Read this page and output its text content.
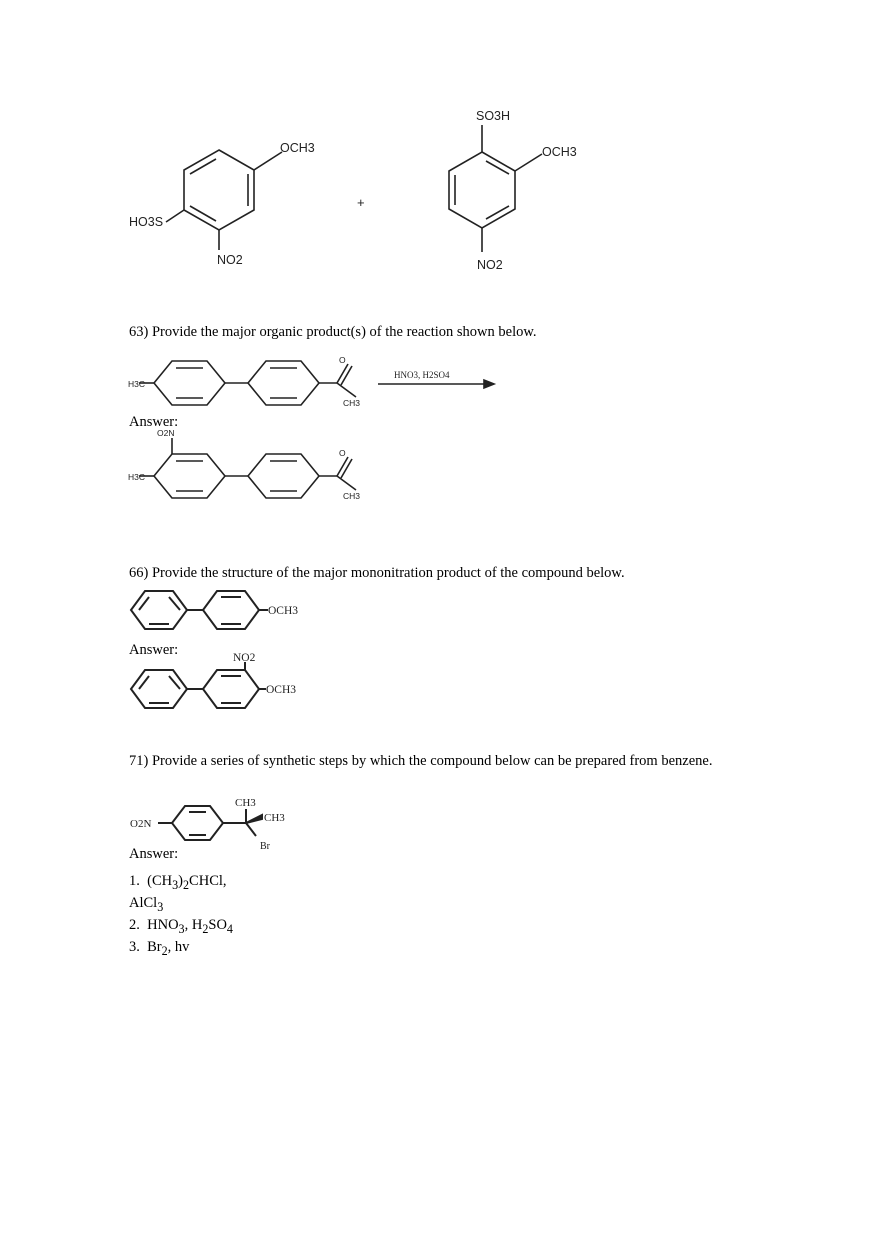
OCH3
HO3S
NO2
+
SO3H
OCH3
NO2
H3C
O
CH3
HNO3, H2SO4
O2N
H3C
O
CH3
OCH3
NO2
OCH3
O2N
CH3
CH3
Br
63) Provide the major organic product(s) of the reaction shown below.
Answer:
66) Provide the structure of the major mononitration product of the compound below.
Answer:
71) Provide a series of synthetic steps by which the compound below can be prepared from benzene.
Answer:
1. $(CH_3)_2CHCl$,
AlCl$_3$
2. $HNO_3$, $H_2SO_4$
3. $Br_2$, hv
